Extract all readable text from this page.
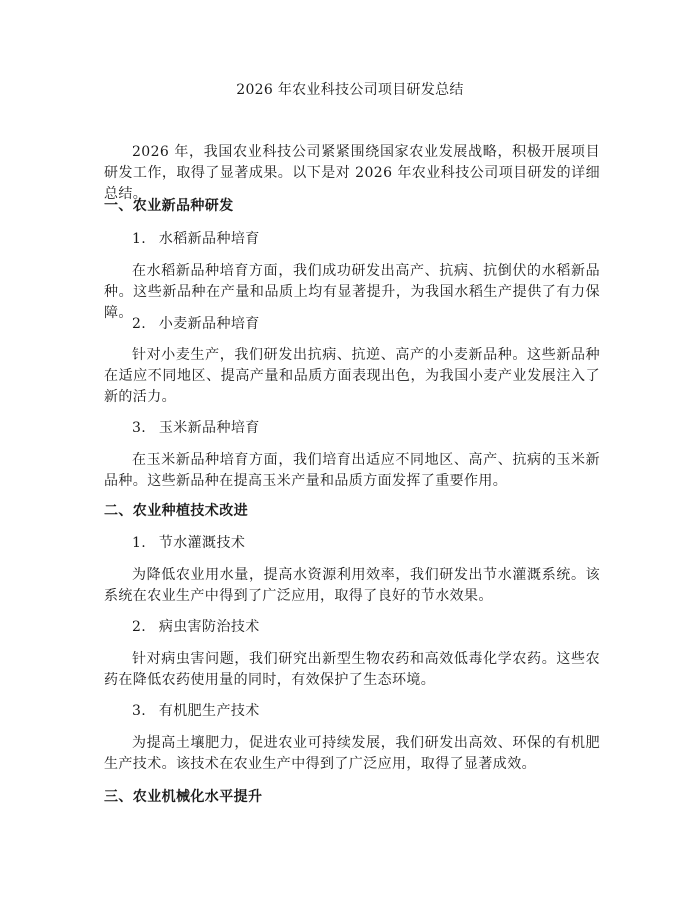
2026 年农业科技公司项目研发总结

2026 年，我国农业科技公司紧紧围绕国家农业发展战略，积极开展项目研发工作，取得了显著成果。以下是对 2026 年农业科技公司项目研发的详细总结。

一、农业新品种研发
1. 水稻新品种培育

在水稻新品种培育方面，我们成功研发出高产、抗病、抗倒伏的水稻新品种。这些新品种在产量和品质上均有显著提升，为我国水稻生产提供了有力保障。

2. 小麦新品种培育

针对小麦生产，我们研发出抗病、抗逆、高产的小麦新品种。这些新品种在适应不同地区、提高产量和品质方面表现出色，为我国小麦产业发展注入了新的活力。

3. 玉米新品种培育

在玉米新品种培育方面，我们培育出适应不同地区、高产、抗病的玉米新品种。这些新品种在提高玉米产量和品质方面发挥了重要作用。

二、农业种植技术改进
1. 节水灌溉技术

为降低农业用水量，提高水资源利用效率，我们研发出节水灌溉系统。该系统在农业生产中得到了广泛应用，取得了良好的节水效果。

2. 病虫害防治技术

针对病虫害问题，我们研究出新型生物农药和高效低毒化学农药。这些农药在降低农药使用量的同时，有效保护了生态环境。

3. 有机肥生产技术

为提高土壤肥力，促进农业可持续发展，我们研发出高效、环保的有机肥生产技术。该技术在农业生产中得到了广泛应用，取得了显著成效。

三、农业机械化水平提升
